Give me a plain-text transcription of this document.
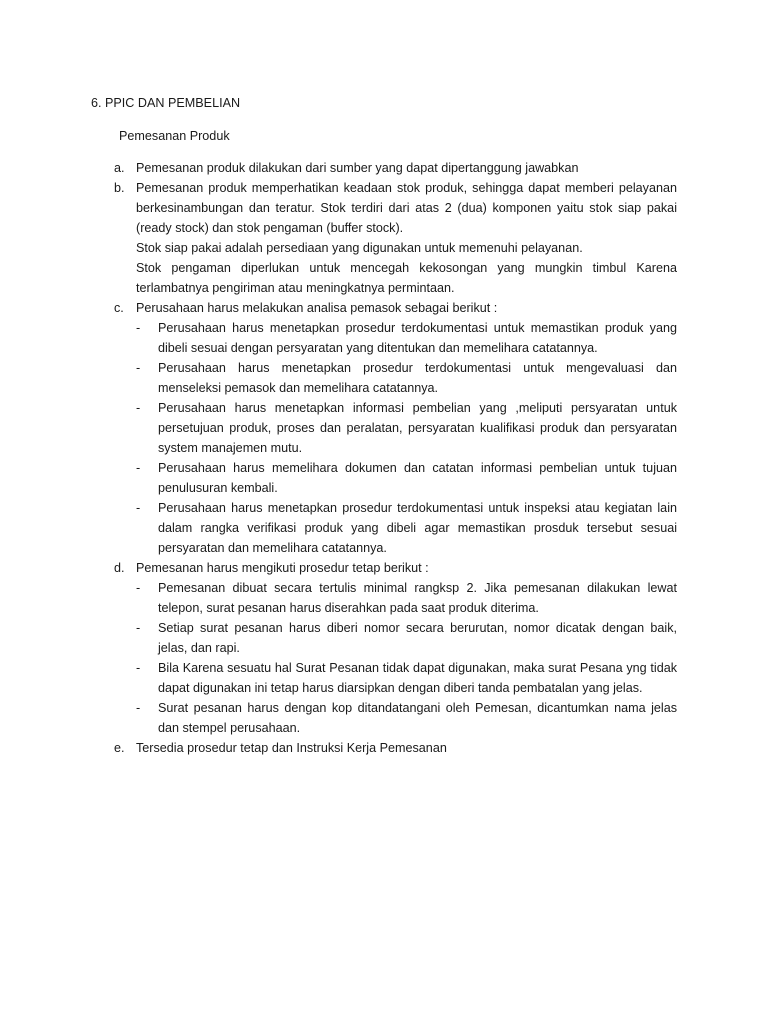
6. PPIC DAN PEMBELIAN
Pemesanan Produk
a. Pemesanan produk dilakukan dari sumber yang dapat dipertanggung jawabkan

b. Pemesanan produk memperhatikan keadaan stok produk, sehingga dapat memberi pelayanan berkesinambungan dan teratur. Stok terdiri dari atas 2 (dua) komponen yaitu stok siap pakai (ready stock) dan stok pengaman (buffer stock).

Stok siap pakai adalah persediaan yang digunakan untuk memenuhi pelayanan.

Stok pengaman diperlukan untuk mencegah kekosongan yang mungkin timbul Karena terlambatnya pengiriman atau meningkatnya permintaan.

c. Perusahaan harus melakukan analisa pemasok sebagai berikut :

- Perusahaan harus menetapkan prosedur terdokumentasi untuk memastikan produk yang dibeli sesuai dengan persyaratan yang ditentukan dan memelihara catatannya.
- Perusahaan harus menetapkan prosedur terdokumentasi untuk mengevaluasi dan menseleksi pemasok dan memelihara catatannya.
- Perusahaan harus menetapkan informasi pembelian yang ,meliputi persyaratan untuk persetujuan produk, proses dan peralatan, persyaratan kualifikasi produk dan persyaratan system manajemen mutu.
- Perusahaan harus memelihara dokumen dan catatan informasi pembelian untuk tujuan penulusuran kembali.
- Perusahaan harus menetapkan prosedur terdokumentasi untuk inspeksi atau kegiatan lain dalam rangka verifikasi produk yang dibeli agar memastikan prosduk tersebut sesuai persyaratan dan memelihara catatannya.
d. Pemesanan harus mengikuti prosedur tetap berikut :

- Pemesanan dibuat secara tertulis minimal rangksp 2. Jika pemesanan dilakukan lewat telepon, surat pesanan harus diserahkan pada saat produk diterima.
- Setiap surat pesanan harus diberi nomor secara berurutan, nomor dicatak dengan baik, jelas, dan rapi.
- Bila Karena sesuatu hal Surat Pesanan tidak dapat digunakan, maka surat Pesana yng tidak dapat digunakan ini tetap harus diarsipkan dengan diberi tanda pembatalan yang jelas.
- Surat pesanan harus dengan kop ditandatangani oleh Pemesan, dicantumkan nama jelas dan stempel perusahaan.
e. Tersedia prosedur tetap dan Instruksi Kerja Pemesanan
